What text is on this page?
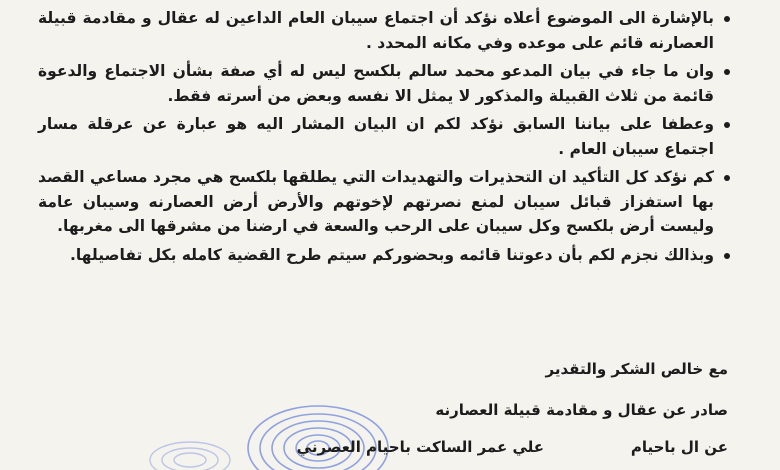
بالإشارة الى الموضوع أعلاه نؤكد أن اجتماع سيبان العام الداعين له عقال و مقادمة قبيلة العصارنه قائم على موعده وفي مكانه المحدد .
وان ما جاء في بيان المدعو محمد سالم بلكسح ليس له أي صفة بشأن الاجتماع والدعوة قائمة من ثلاث القبيلة والمذكور لا يمثل الا نفسه وبعض من أسرته فقط.
وعطفا على بياننا السابق نؤكد لكم ان البيان المشار اليه هو عبارة عن عرقلة مسار اجتماع سيبان العام .
كم نؤكد كل التأكيد ان التحذيرات والتهديدات التي يطلقها بلكسح هي مجرد مساعي القصد بها استفزاز قبائل سيبان لمنع نصرتهم لإخوتهم والأرض أرض العصارنه وسيبان عامة وليست أرض بلكسح وكل سيبان على الرحب والسعة في ارضنا من مشرقها الى مغربها.
وبذالك نجزم لكم بأن دعوتنا قائمه وبحضوركم سيتم طرح القضية كامله بكل تفاصيلها.
مع خالص الشكر والتقدير
صادر عن عقال و مقادمة قبيلة العصارنه
عن ال باحيام
علي عمر الساكت باحيام العصرني
